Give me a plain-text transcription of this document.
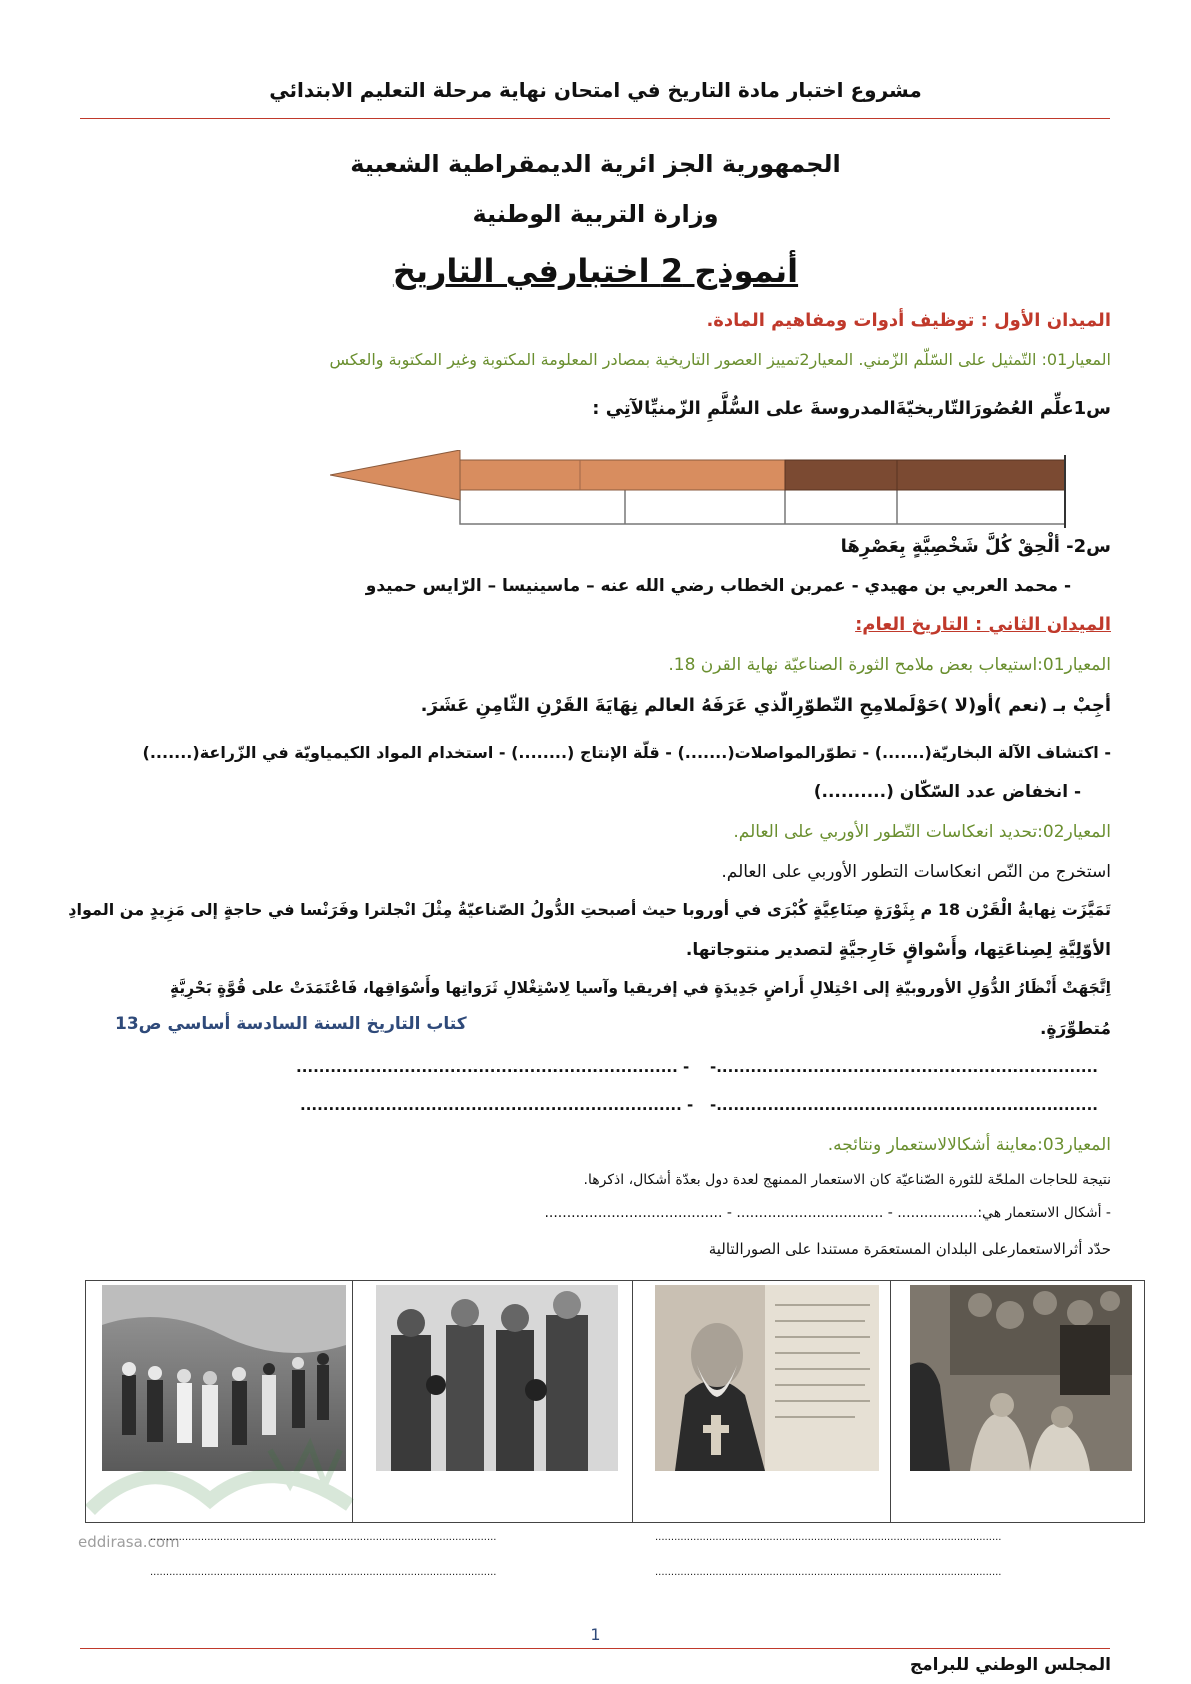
مشروع اختبار مادة التاريخ في امتحان نهاية مرحلة التعليم الابتدائي
الجمهورية الجز ائرية الديمقراطية الشعبية
وزارة التربية الوطنية
أنموذج 2 اختبارفي التاريخ
الميدان الأول : توظيف أدوات ومفاهيم المادة.
المعيار01: التّمثيل على السّلّم الزّمني. المعيار2تمييز العصور التاريخية بمصادر المعلومة المكتوبة وغير المكتوبة والعكس
س1علِّم العُصُورَالتّاريخيّةَالمدروسةَ على السُّلَّمِ الزّمنيِّالآتِي :
س2- ألْحِقْ كُلَّ شَخْصِيَّةٍ بِعَصْرِهَا
- محمد العربي بن مهيدي - عمربن الخطاب رضي الله عنه – ماسينيسا – الرّايس حميدو
الميدان الثاني : التاريخ العام:
المعيار01:استيعاب بعض ملامح الثورة الصناعيّة نهاية القرن 18.
أجِبْ بـ (نعم )أو(لا )حَوْلَملامِحِ التّطوّرِالّذي عَرَفَهُ العالم نِهَايَةَ القَرْنِ الثّامِنِ عَشَرَ.
- اكتشاف الآلة البخاريّة(.......) - تطوّرالمواصلات(.......) - قلّة الإنتاج (........) - استخدام المواد الكيمياويّة في الزّراعة(.......)
- انخفاض عدد السّكّان (..........)
المعيار02:تحديد انعكاسات التّطور الأوربي على العالم.
استخرج من النّص انعكاسات التطور الأوربي على العالم.
تَمَيَّزَت نِهايةُ الْقَرْن 18 م بِثَوْرَةٍ صِنَاعِيَّةٍ كُبْرَى في أوروبا حيث أصبحتِ الدُّولُ الصّناعيّةُ مِثْلَ انْجلترا وفَرَنْسا في حاجةٍ إلى مَزِيدٍ من الموادِ
الأوّلِيَّةِ لِصِناعَتِها، وأَسْواقٍ خَارِجيَّةٍ لتصدير منتوجاتها.
اِتَّجَهَتْ أَنْظَارُ الدُّوَلِ الأوروبيّةِ إلى احْتِلالِ أَراضٍ جَدِيدَةٍ في إفريقيا وآسيا لِاسْتِغْلالِ ثَرَواتِها وأَسْوَاقِها، فَاعْتَمَدَتْ على قُوَّةٍ بَحْرِيَّةٍ
مُتطوِّرَةٍ.
كتاب التاريخ السنة السادسة أساسي ص13
-...................................................................
- ...................................................................
-...................................................................
- ...................................................................
المعيار03:معاينة أشكالالاستعمار ونتائجه.
نتيجة للحاجات الملحّة للثورة الصّناعيّة كان الاستعمار الممنهج لعدة دول بعدّة أشكال، اذكرها.
- أشكال الاستعمار هي:.................. - ................................. - ........................................
حدّد أثرالاستعمارعلى البلدان المستعمَرة مستندا على الصورالتالية
eddirasa.com	.............................................................................................................
.............................................................................................................
.............................................................................................................
.............................................................................................................
1
المجلس الوطني للبرامج
